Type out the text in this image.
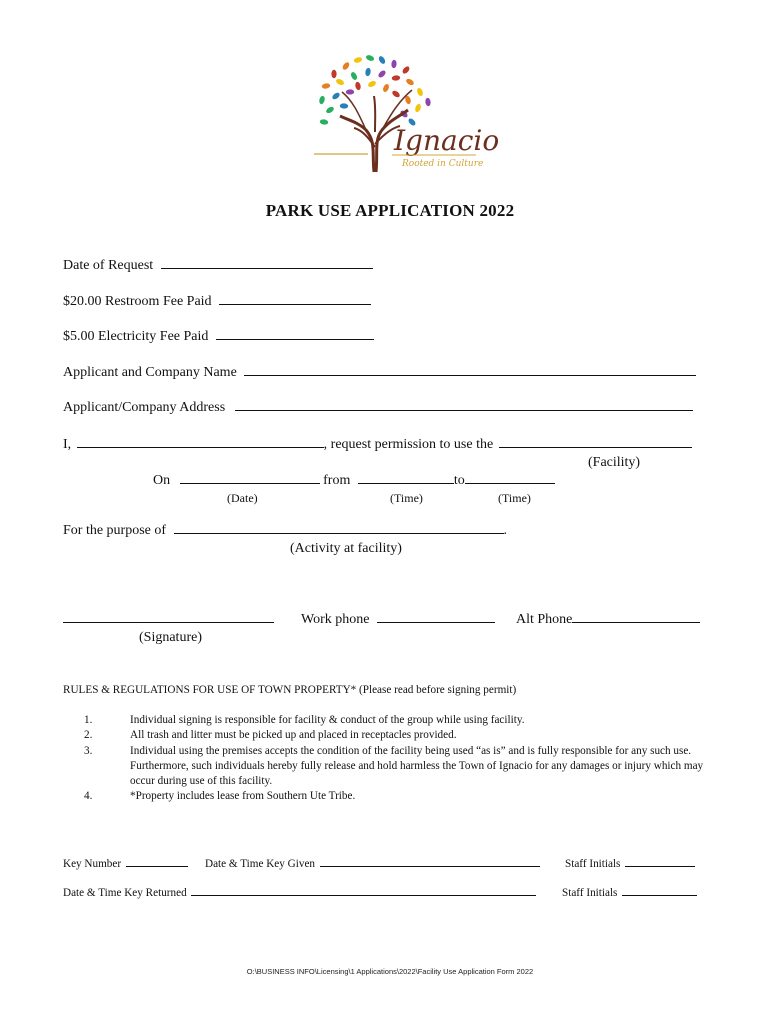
Ignacio
Rooted in Culture
PARK USE APPLICATION 2022
Date of Request
$20.00 Restroom Fee Paid
$5.00 Electricity Fee Paid
Applicant and Company Name
Applicant/Company Address
I,	, request permission to use the
(Facility)
On	from	to
(Date)	(Time)	(Time)
For the purpose of	.
(Activity at facility)
Work phone	Alt Phone
(Signature)
RULES & REGULATIONS FOR USE OF TOWN PROPERTY* (Please read before signing permit)
1.	Individual signing is responsible for facility & conduct of the group while using facility.
2.	All trash and litter must be picked up and placed in receptacles provided.
3.	Individual using the premises accepts the condition of the facility being used “as is” and is fully responsible for any such use. Furthermore, such individuals hereby fully release and hold harmless the Town of Ignacio for any damages or injury which may occur during use of this facility.
4.	*Property includes lease from Southern Ute Tribe.
Key Number	Date & Time Key Given	Staff Initials
Date & Time Key Returned	Staff Initials
O:\BUSINESS INFO\Licensing\1 Applications\2022\Facility Use Application Form 2022
